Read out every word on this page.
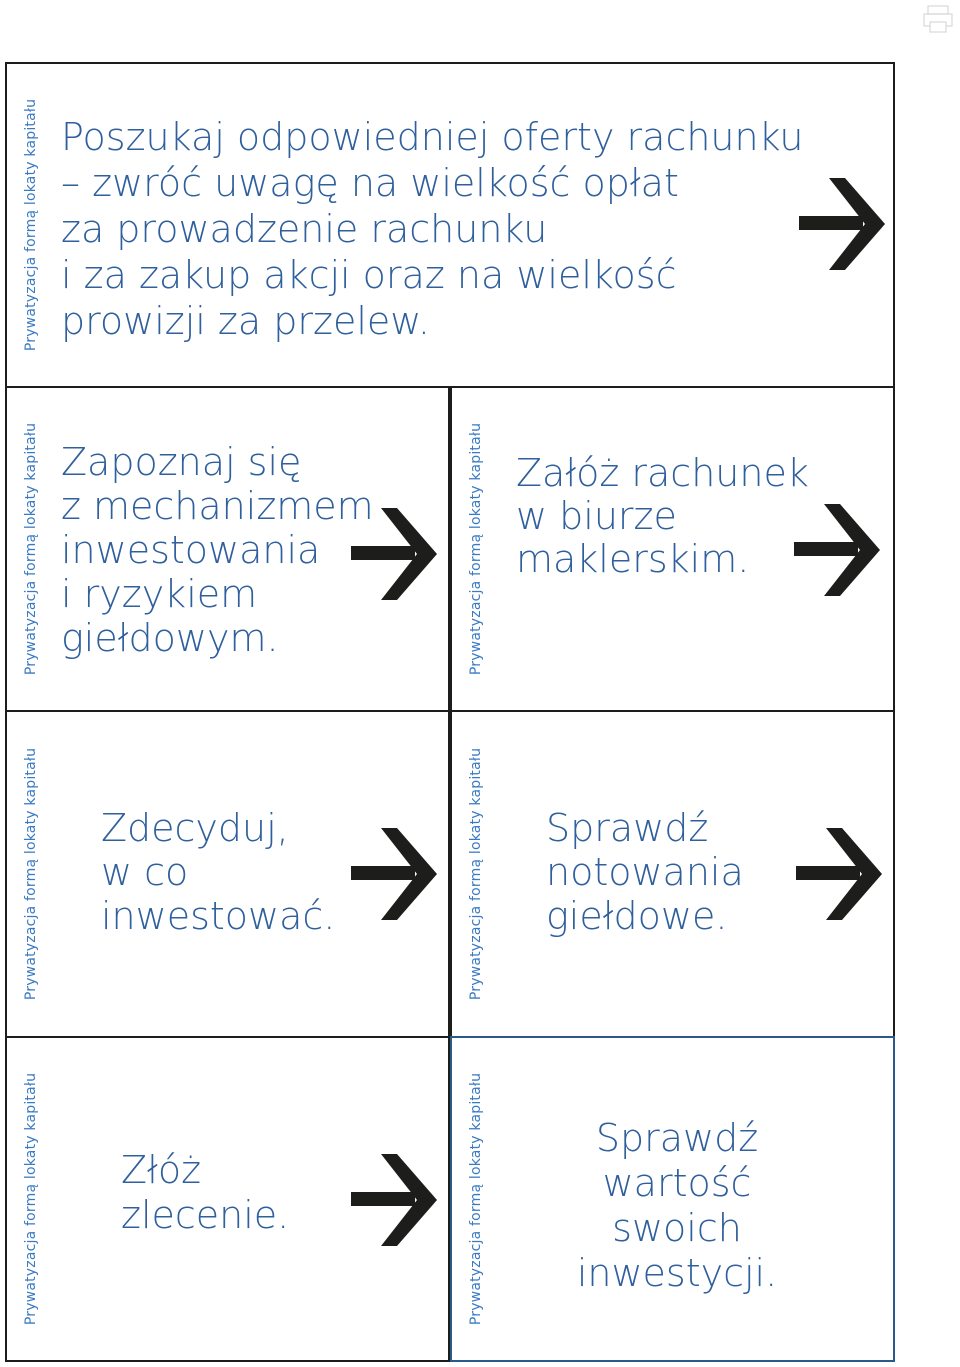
Prywatyzacja formą lokaty kapitału Poszukaj odpowiedniej oferty rachunku
– zwróć uwagę na wielkość opłat
za prowadzenie rachunku
i za zakup akcji oraz na wielkość
prowizji za przelew.
Prywatyzacja formą lokaty kapitału Zapoznaj się
z mechanizmem
inwestowania
i ryzykiem
giełdowym.	Prywatyzacja formą lokaty kapitału Załóż rachunek
w biurze
maklerskim.
Prywatyzacja formą lokaty kapitału Zdecyduj,
w co
inwestować.	Prywatyzacja formą lokaty kapitału Sprawdź
notowania
giełdowe.
Prywatyzacja formą lokaty kapitału Złóż
zlecenie.	Prywatyzacja formą lokaty kapitału	Sprawdź
wartość
swoich
inwestycji.
